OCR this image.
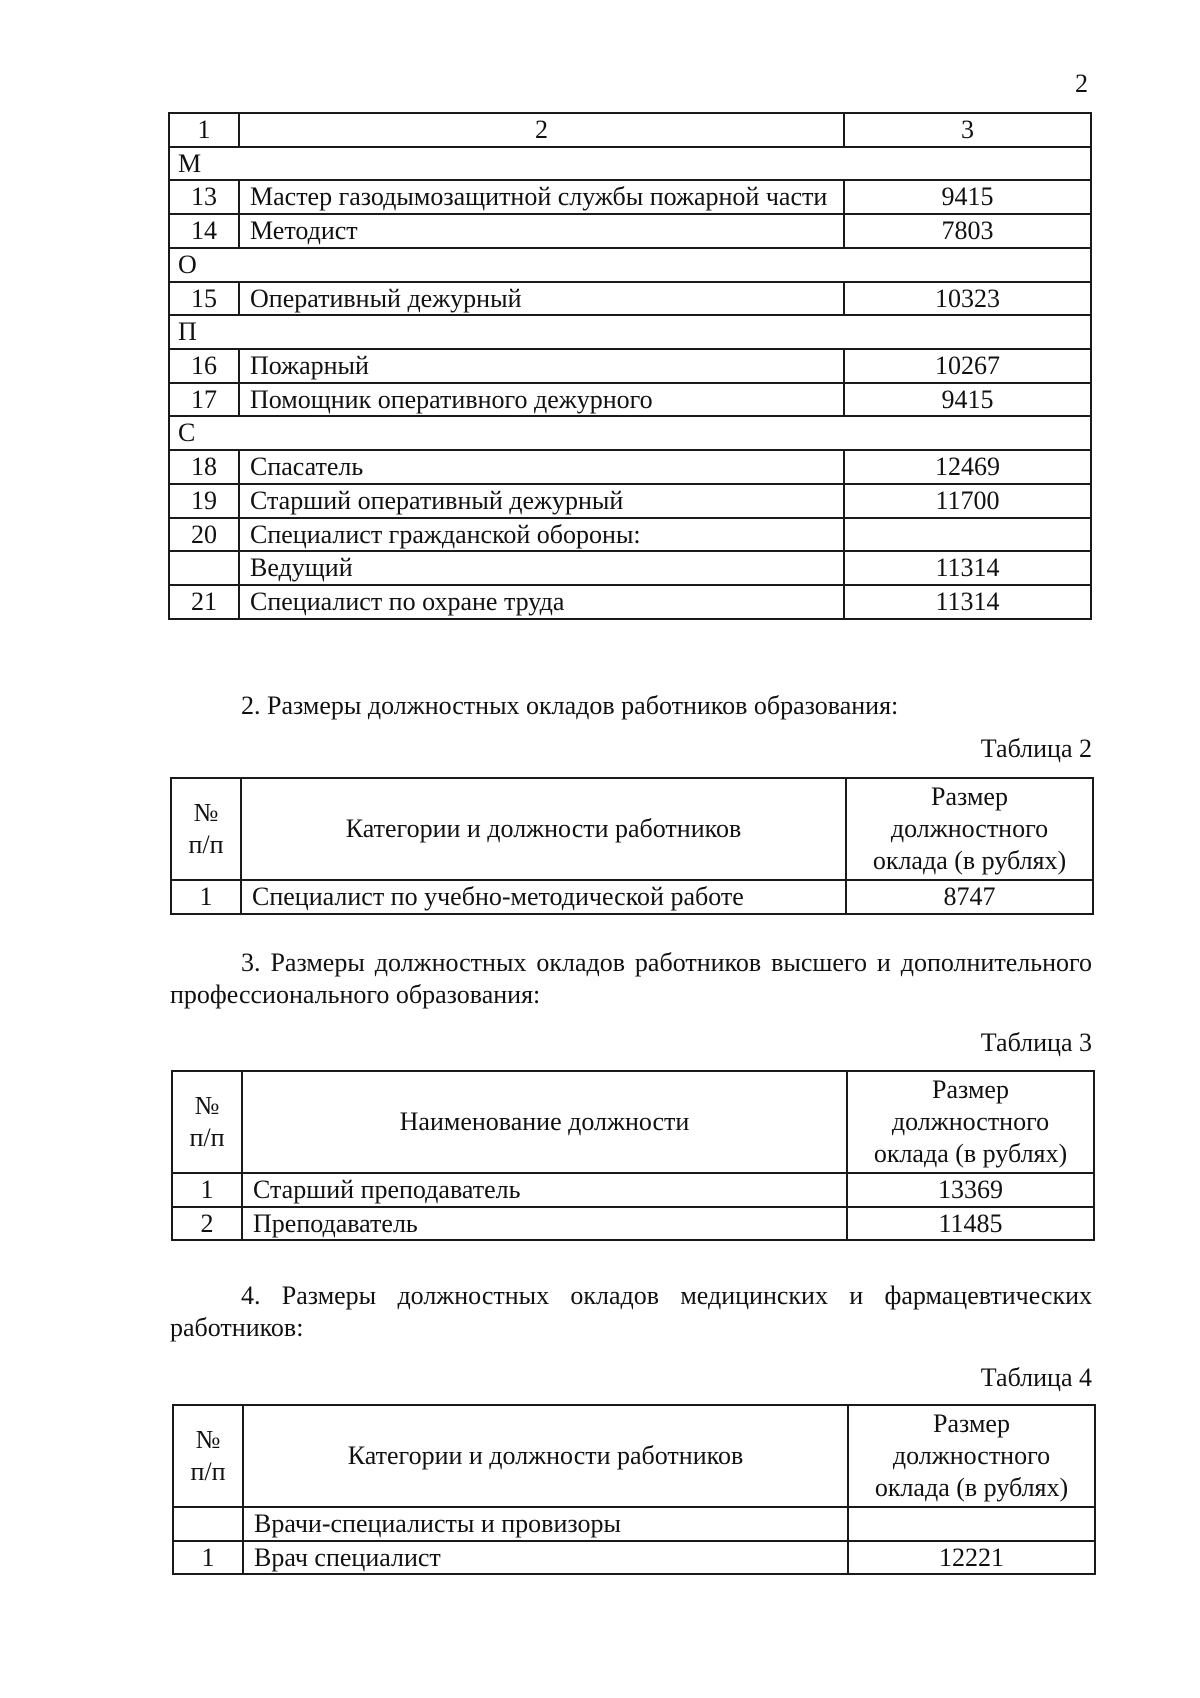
2
1	2	3
М		
13	Мастер газодымозащитной службы пожарной части	9415
14	Методист	7803
О		
15	Оперативный дежурный	10323
П		
16	Пожарный	10267
17	Помощник оперативного дежурного	9415
С		
18	Спасатель	12469
19	Старший оперативный дежурный	11700
20	Специалист гражданской обороны:	
	Ведущий	11314
21	Специалист по охране труда	11314

2. Размеры должностных окладов работников образования:

Таблица 2

№ п/п	Категории и должности работников	Размер должностного оклада (в рублях)
1	Специалист по учебно-методической работе	8747

3. Размеры должностных окладов работников высшего и дополнительного профессионального образования:

Таблица 3

№ п/п	Наименование должности	Размер должностного оклада (в рублях)
1	Старший преподаватель	13369
2	Преподаватель	11485

4. Размеры должностных окладов медицинских и фармацевтических работников:

Таблица 4

№ п/п	Категории и должности работников	Размер должностного оклада (в рублях)
	Врачи-специалисты и провизоры	
1	Врач специалист	12221
